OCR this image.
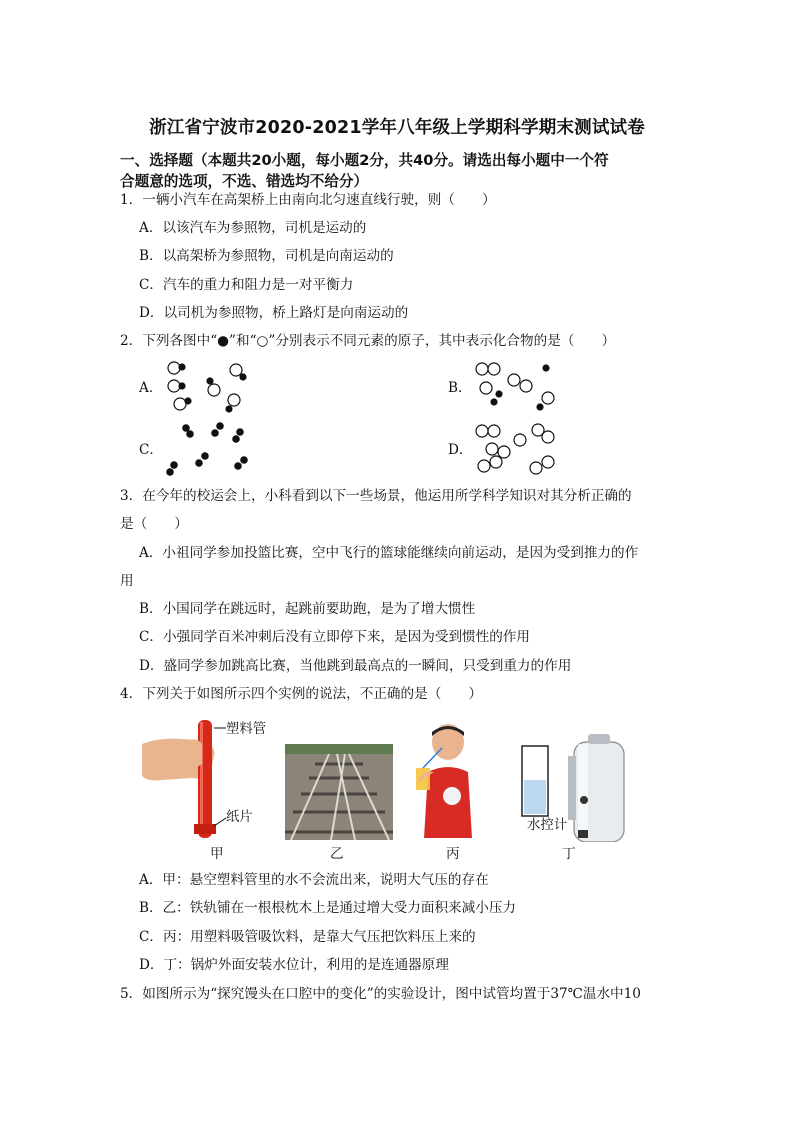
浙江省宁波市2020-2021学年八年级上学期科学期末测试试卷
一、选择题（本题共20小题，每小题2分，共40分。请选出每小题中一个符
合题意的选项，不选、错选均不给分）
1．一辆小汽车在高架桥上由南向北匀速直线行驶，则（　　）
A．以该汽车为参照物，司机是运动的
B．以高架桥为参照物，司机是向南运动的
C．汽车的重力和阻力是一对平衡力
D．以司机为参照物，桥上路灯是向南运动的
2．下列各图中“●”和“○”分别表示不同元素的原子，其中表示化合物的是（　　）
A．	B．
C．	D．
3．在今年的校运会上，小科看到以下一些场景，他运用所学科学知识对其分析正确的
是（　　）
A．小祖同学参加投篮比赛，空中飞行的篮球能继续向前运动，是因为受到推力的作
用
B．小国同学在跳远时，起跳前要助跑，是为了增大惯性
C．小强同学百米冲刺后没有立即停下来，是因为受到惯性的作用
D．盛同学参加跳高比赛，当他跳到最高点的一瞬间，只受到重力的作用
4．下列关于如图所示四个实例的说法，不正确的是（　　）
塑料管
纸片
水控计
甲	乙	丙	丁
A．甲：悬空塑料管里的水不会流出来，说明大气压的存在
B．乙：铁轨铺在一根根枕木上是通过增大受力面积来减小压力
C．丙：用塑料吸管吸饮料，是靠大气压把饮料压上来的
D．丁：锅炉外面安装水位计，利用的是连通器原理
5．如图所示为“探究馒头在口腔中的变化”的实验设计，图中试管均置于37℃温水中10
